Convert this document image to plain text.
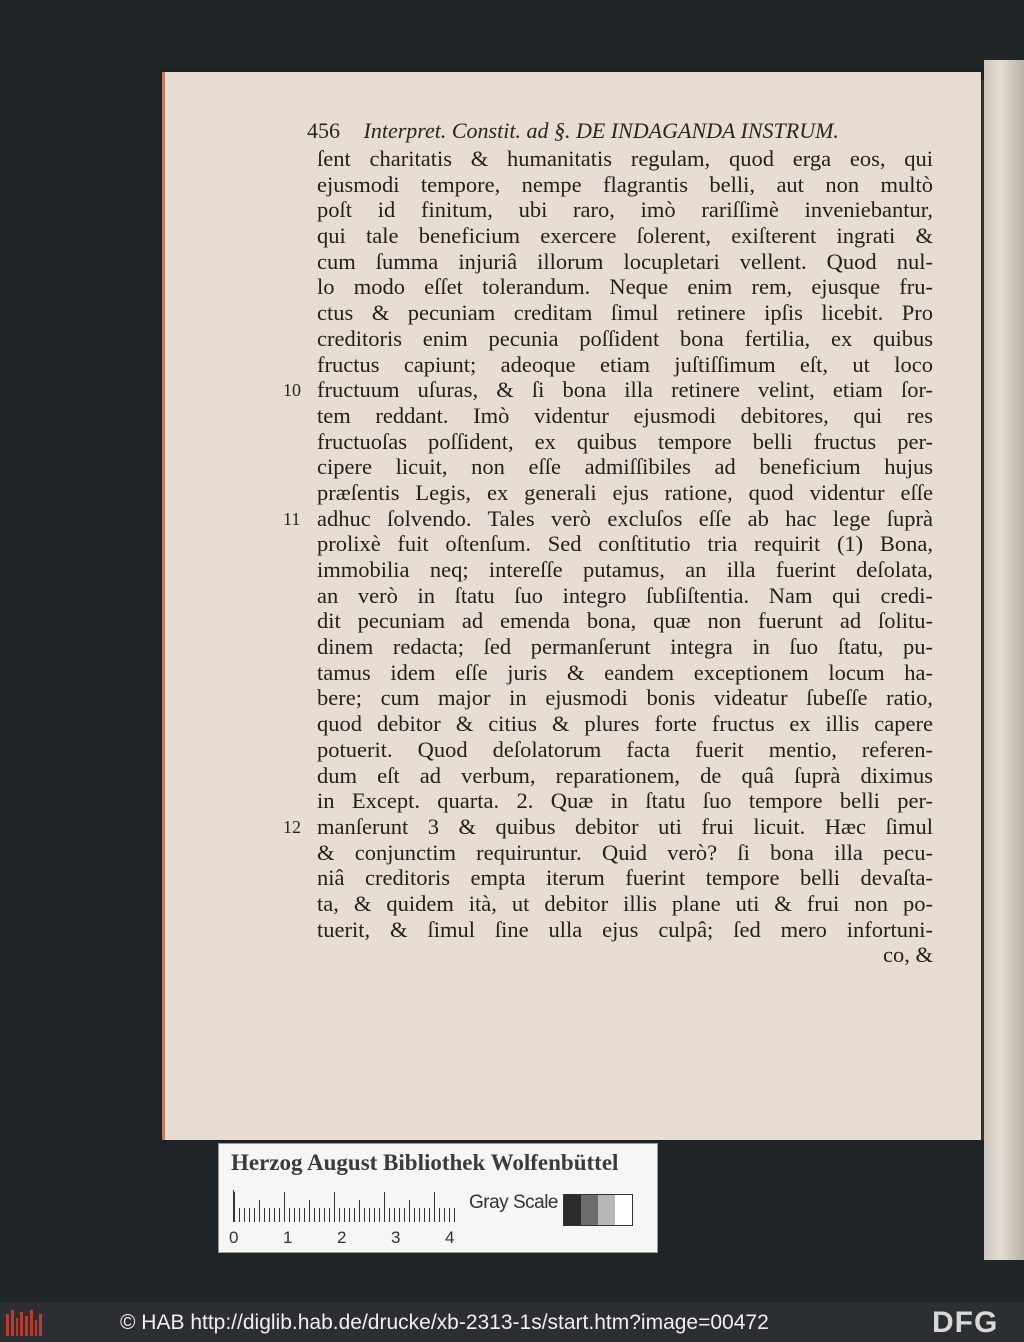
456 Interpret. Constit. ad §. DE INDAGANDA INSTRUM.
ſent charitatis & humanitatis regulam, quod erga eos, qui
ejusmodi tempore, nempe flagrantis belli, aut non multò
poſt id finitum, ubi raro, imò rariſſimè inveniebantur,
qui tale beneficium exercere ſolerent, exiſterent ingrati &
cum ſumma injuriâ illorum locupletari vellent. Quod nul-
lo modo eſſet tolerandum. Neque enim rem, ejusque fru-
ctus & pecuniam creditam ſimul retinere ipſis licebit. Pro
creditoris enim pecunia poſſident bona fertilia, ex quibus
fructus capiunt; adeoque etiam juſtiſſimum eſt, ut loco
fructuum uſuras, & ſi bona illa retinere velint, etiam ſor-
tem reddant. Imò videntur ejusmodi debitores, qui res
fructuoſas poſſident, ex quibus tempore belli fructus per-
cipere licuit, non eſſe admiſſibiles ad beneficium hujus
præſentis Legis, ex generali ejus ratione, quod videntur eſſe
adhuc ſolvendo. Tales verò excluſos eſſe ab hac lege ſuprà
prolixè fuit oſtenſum. Sed conſtitutio tria requirit (1) Bona,
immobilia neq; intereſſe putamus, an illa fuerint deſolata,
an verò in ſtatu ſuo integro ſubſiſtentia. Nam qui credi-
dit pecuniam ad emenda bona, quæ non fuerunt ad ſolitu-
dinem redacta; ſed permanſerunt integra in ſuo ſtatu, pu-
tamus idem eſſe juris & eandem exceptionem locum ha-
bere; cum major in ejusmodi bonis videatur ſubeſſe ratio,
quod debitor & citius & plures forte fructus ex illis capere
potuerit. Quod deſolatorum facta fuerit mentio, referen-
dum eſt ad verbum, reparationem, de quâ ſuprà diximus
in Except. quarta. 2. Quæ in ſtatu ſuo tempore belli per-
manſerunt 3 & quibus debitor uti frui licuit. Hæc ſimul
& conjunctim requiruntur. Quid verò? ſi bona illa pecu-
niâ creditoris empta iterum fuerint tempore belli devaſta-
ta, & quidem ità, ut debitor illis plane uti & frui non po-
tuerit, & ſimul ſine ulla ejus culpâ; ſed mero infortuni-
co, &
10
11
12
Herzog August Bibliothek Wolfenbüttel
0	1	2	3	4
Gray Scale
© HAB http://diglib.hab.de/drucke/xb-2313-1s/start.htm?image=00472	DFG
